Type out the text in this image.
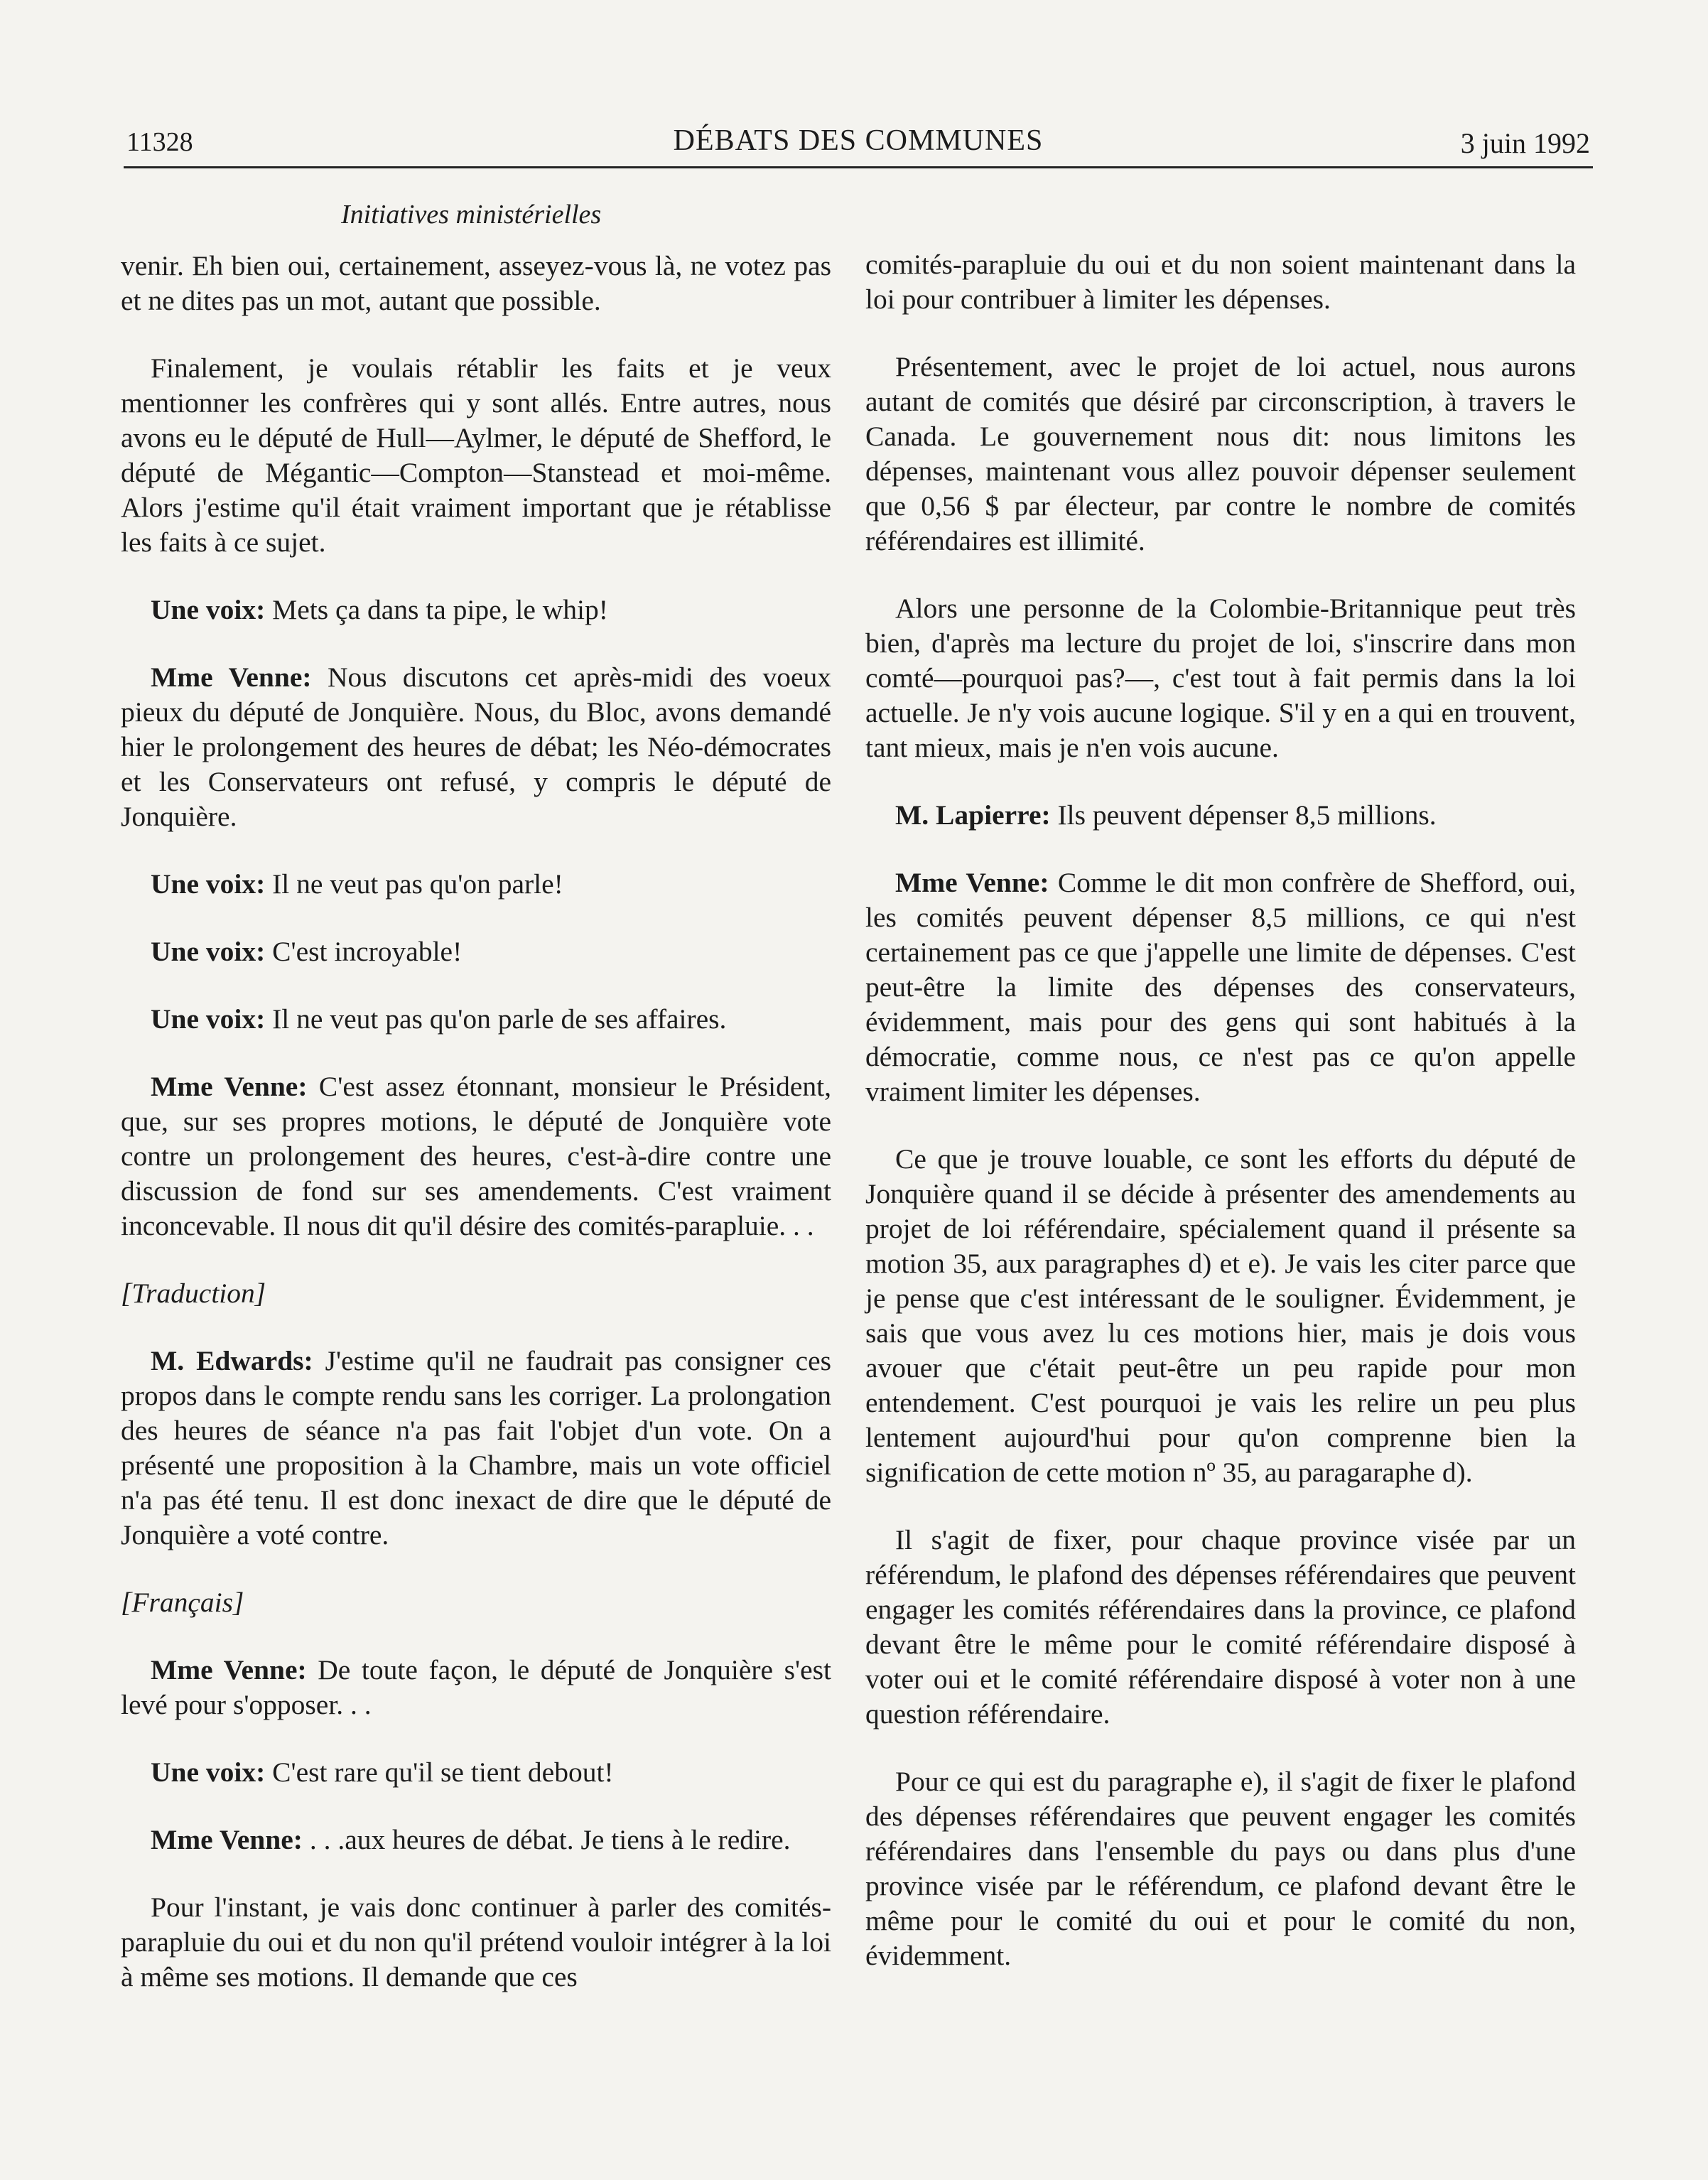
11328	DÉBATS DES COMMUNES	3 juin 1992
Initiatives ministérielles

venir. Eh bien oui, certainement, asseyez-vous là, ne votez pas et ne dites pas un mot, autant que possible.

Finalement, je voulais rétablir les faits et je veux mentionner les confrères qui y sont allés. Entre autres, nous avons eu le député de Hull—Aylmer, le député de Shefford, le député de Mégantic—Compton—Stanstead et moi-même. Alors j'estime qu'il était vraiment important que je rétablisse les faits à ce sujet.

Une voix: Mets ça dans ta pipe, le whip!

Mme Venne: Nous discutons cet après-midi des voeux pieux du député de Jonquière. Nous, du Bloc, avons demandé hier le prolongement des heures de débat; les Néo-démocrates et les Conservateurs ont refusé, y compris le député de Jonquière.

Une voix: Il ne veut pas qu'on parle!

Une voix: C'est incroyable!

Une voix: Il ne veut pas qu'on parle de ses affaires.

Mme Venne: C'est assez étonnant, monsieur le Président, que, sur ses propres motions, le député de Jonquière vote contre un prolongement des heures, c'est-à-dire contre une discussion de fond sur ses amendements. C'est vraiment inconcevable. Il nous dit qu'il désire des comités-parapluie. . .

[Traduction]

M. Edwards: J'estime qu'il ne faudrait pas consigner ces propos dans le compte rendu sans les corriger. La prolongation des heures de séance n'a pas fait l'objet d'un vote. On a présenté une proposition à la Chambre, mais un vote officiel n'a pas été tenu. Il est donc inexact de dire que le député de Jonquière a voté contre.

[Français]

Mme Venne: De toute façon, le député de Jonquière s'est levé pour s'opposer. . .

Une voix: C'est rare qu'il se tient debout!

Mme Venne: . . .aux heures de débat. Je tiens à le redire.

Pour l'instant, je vais donc continuer à parler des comités-parapluie du oui et du non qu'il prétend vouloir intégrer à la loi à même ses motions. Il demande que ces

comités-parapluie du oui et du non soient maintenant dans la loi pour contribuer à limiter les dépenses.

Présentement, avec le projet de loi actuel, nous aurons autant de comités que désiré par circonscription, à travers le Canada. Le gouvernement nous dit: nous limitons les dépenses, maintenant vous allez pouvoir dépenser seulement que 0,56 $ par électeur, par contre le nombre de comités référendaires est illimité.

Alors une personne de la Colombie-Britannique peut très bien, d'après ma lecture du projet de loi, s'inscrire dans mon comté—pourquoi pas?—, c'est tout à fait permis dans la loi actuelle. Je n'y vois aucune logique. S'il y en a qui en trouvent, tant mieux, mais je n'en vois aucune.

M. Lapierre: Ils peuvent dépenser 8,5 millions.

Mme Venne: Comme le dit mon confrère de Shefford, oui, les comités peuvent dépenser 8,5 millions, ce qui n'est certainement pas ce que j'appelle une limite de dépenses. C'est peut-être la limite des dépenses des conservateurs, évidemment, mais pour des gens qui sont habitués à la démocratie, comme nous, ce n'est pas ce qu'on appelle vraiment limiter les dépenses.

Ce que je trouve louable, ce sont les efforts du député de Jonquière quand il se décide à présenter des amendements au projet de loi référendaire, spécialement quand il présente sa motion 35, aux paragraphes d) et e). Je vais les citer parce que je pense que c'est intéressant de le souligner. Évidemment, je sais que vous avez lu ces motions hier, mais je dois vous avouer que c'était peut-être un peu rapide pour mon entendement. C'est pourquoi je vais les relire un peu plus lentement aujourd'hui pour qu'on comprenne bien la signification de cette motion nº 35, au paragaraphe d).

Il s'agit de fixer, pour chaque province visée par un référendum, le plafond des dépenses référendaires que peuvent engager les comités référendaires dans la province, ce plafond devant être le même pour le comité référendaire disposé à voter oui et le comité référendaire disposé à voter non à une question référendaire.

Pour ce qui est du paragraphe e), il s'agit de fixer le plafond des dépenses référendaires que peuvent engager les comités référendaires dans l'ensemble du pays ou dans plus d'une province visée par le référendum, ce plafond devant être le même pour le comité du oui et pour le comité du non, évidemment.
